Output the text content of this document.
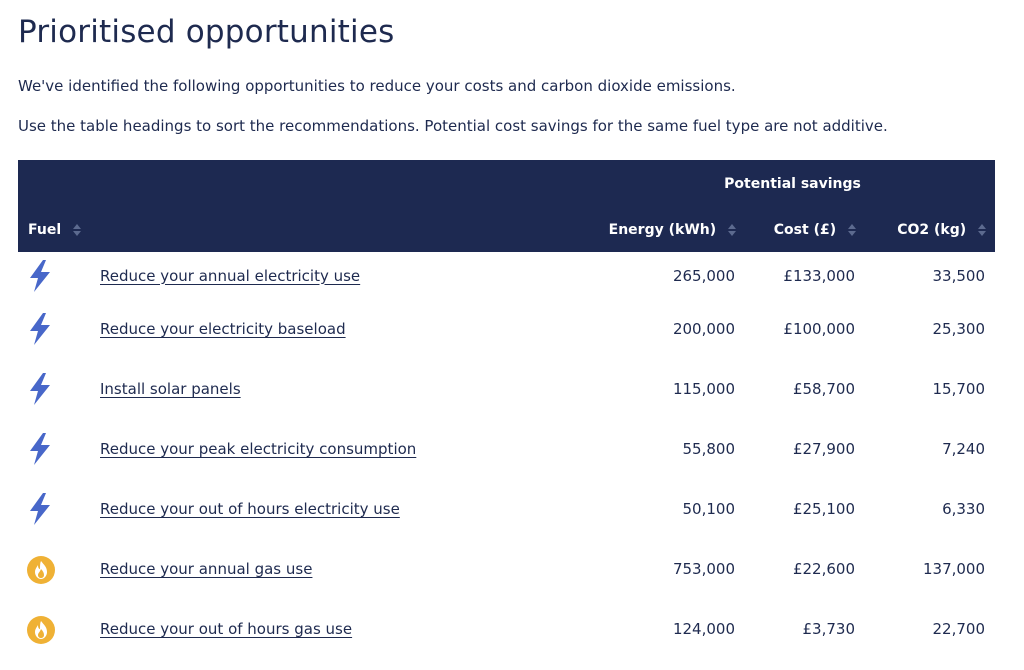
Prioritised opportunities

We've identified the following opportunities to reduce your costs and carbon dioxide emissions.

Use the table headings to sort the recommendations. Potential cost savings for the same fuel type are not additive.

		Potential savings		
Fuel		Energy (kWh)	Cost (£)	CO2 (kg)

	Reduce your annual electricity use	265,000	£133,000	33,500

	Reduce your electricity baseload	200,000	£100,000	25,300

	Install solar panels	115,000	£58,700	15,700

	Reduce your peak electricity consumption	55,800	£27,900	7,240

	Reduce your out of hours electricity use	50,100	£25,100	6,330

	Reduce your annual gas use	753,000	£22,600	137,000

	Reduce your out of hours gas use	124,000	£3,730	22,700
